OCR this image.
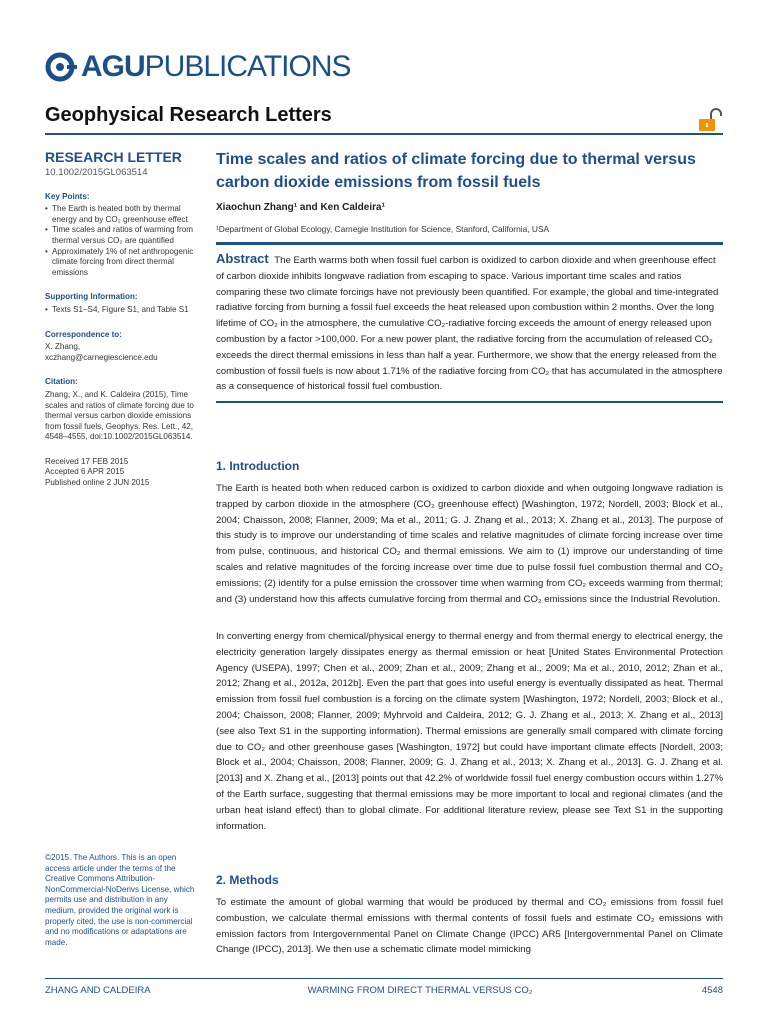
AGU PUBLICATIONS
Geophysical Research Letters
RESEARCH LETTER
10.1002/2015GL063514
Key Points:
• The Earth is heated both by thermal energy and by CO₂ greenhouse effect
• Time scales and ratios of warming from thermal versus CO₂ are quantified
• Approximately 1% of net anthropogenic climate forcing from direct thermal emissions
Supporting Information:
• Texts S1–S4, Figure S1, and Table S1
Correspondence to:

X. Zhang,

xczhang@carnegiescience.edu

Citation:

Zhang, X., and K. Caldeira (2015), Time scales and ratios of climate forcing due to thermal versus carbon dioxide emissions from fossil fuels, Geophys. Res. Lett., 42, 4548–4555, doi:10.1002/2015GL063514.

Received 17 FEB 2015

Accepted 6 APR 2015

Published online 2 JUN 2015

©2015. The Authors. This is an open access article under the terms of the Creative Commons Attribution-NonCommercial-NoDerivs License, which permits use and distribution in any medium, provided the original work is properly cited, the use is non-commercial and no modifications or adaptations are made.
Time scales and ratios of climate forcing due to thermal versus carbon dioxide emissions from fossil fuels
Xiaochun Zhang¹ and Ken Caldeira¹
¹Department of Global Ecology, Carnegie Institution for Science, Stanford, California, USA

Abstract The Earth warms both when fossil fuel carbon is oxidized to carbon dioxide and when greenhouse effect of carbon dioxide inhibits longwave radiation from escaping to space. Various important time scales and ratios comparing these two climate forcings have not previously been quantified. For example, the global and time-integrated radiative forcing from burning a fossil fuel exceeds the heat released upon combustion within 2 months. Over the long lifetime of CO₂ in the atmosphere, the cumulative CO₂-radiative forcing exceeds the amount of energy released upon combustion by a factor >100,000. For a new power plant, the radiative forcing from the accumulation of released CO₂ exceeds the direct thermal emissions in less than half a year. Furthermore, we show that the energy released from the combustion of fossil fuels is now about 1.71% of the radiative forcing from CO₂ that has accumulated in the atmosphere as a consequence of historical fossil fuel combustion.

1. Introduction

The Earth is heated both when reduced carbon is oxidized to carbon dioxide and when outgoing longwave radiation is trapped by carbon dioxide in the atmosphere (CO₂ greenhouse effect) [Washington, 1972; Nordell, 2003; Block et al., 2004; Chaisson, 2008; Flanner, 2009; Ma et al., 2011; G. J. Zhang et al., 2013; X. Zhang et al., 2013]. The purpose of this study is to improve our understanding of time scales and relative magnitudes of climate forcing increase over time from pulse, continuous, and historical CO₂ and thermal emissions. We aim to (1) improve our understanding of time scales and relative magnitudes of the forcing increase over time due to pulse fossil fuel combustion thermal and CO₂ emissions; (2) identify for a pulse emission the crossover time when warming from CO₂ exceeds warming from thermal; and (3) understand how this affects cumulative forcing from thermal and CO₂ emissions since the Industrial Revolution.

In converting energy from chemical/physical energy to thermal energy and from thermal energy to electrical energy, the electricity generation largely dissipates energy as thermal emission or heat [United States Environmental Protection Agency (USEPA), 1997; Chen et al., 2009; Zhan et al., 2009; Zhang et al., 2009; Ma et al., 2010, 2012; Zhan et al., 2012; Zhang et al., 2012a, 2012b]. Even the part that goes into useful energy is eventually dissipated as heat. Thermal emission from fossil fuel combustion is a forcing on the climate system [Washington, 1972; Nordell, 2003; Block et al., 2004; Chaisson, 2008; Flanner, 2009; Myhrvold and Caldeira, 2012; G. J. Zhang et al., 2013; X. Zhang et al., 2013] (see also Text S1 in the supporting information). Thermal emissions are generally small compared with climate forcing due to CO₂ and other greenhouse gases [Washington, 1972] but could have important climate effects [Nordell, 2003; Block et al., 2004; Chaisson, 2008; Flanner, 2009; G. J. Zhang et al., 2013; X. Zhang et al., 2013]. G. J. Zhang et al. [2013] and X. Zhang et al., [2013] points out that 42.2% of worldwide fossil fuel energy combustion occurs within 1.27% of the Earth surface, suggesting that thermal emissions may be more important to local and regional climates (and the urban heat island effect) than to global climate. For additional literature review, please see Text S1 in the supporting information.

2. Methods

To estimate the amount of global warming that would be produced by thermal and CO₂ emissions from fossil fuel combustion, we calculate thermal emissions with thermal contents of fossil fuels and estimate CO₂ emissions with emission factors from Intergovernmental Panel on Climate Change (IPCC) AR5 [Intergovernmental Panel on Climate Change (IPCC), 2013]. We then use a schematic climate model mimicking

ZHANG AND CALDEIRA	WARMING FROM DIRECT THERMAL VERSUS CO₂	4548
